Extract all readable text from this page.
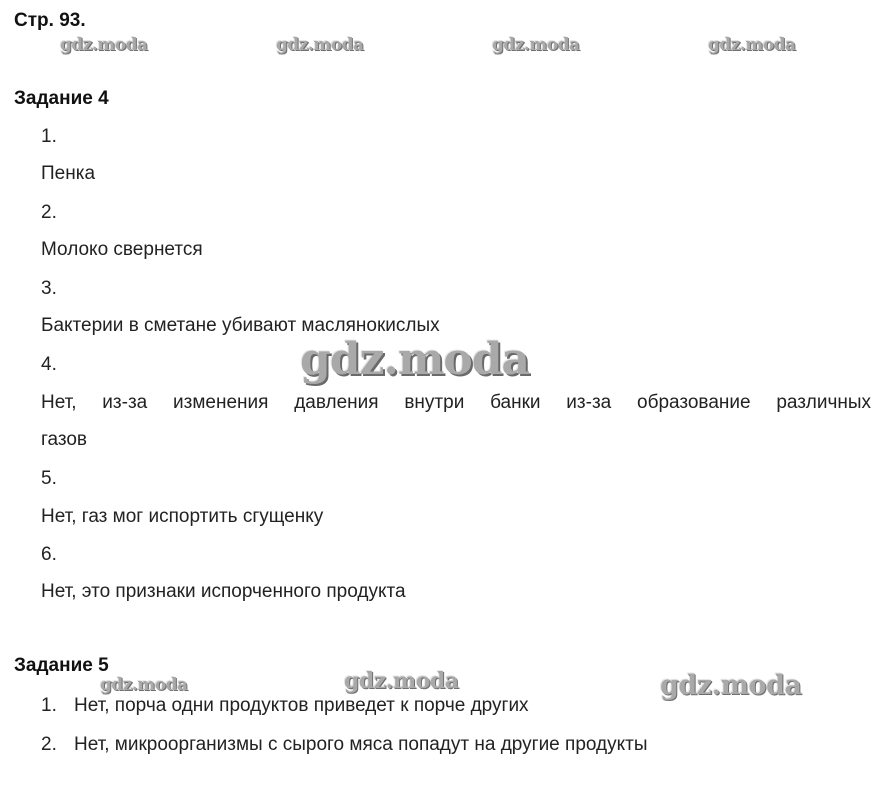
Стр. 93.
gdz.moda	gdz.moda	gdz.moda	gdz.moda
Задание 4
1.
Пенка
2.
Молоко свернется
3.
Бактерии в сметане убивают маслянокислых
4.
Нет, из-за изменения давления внутри банки из-за образование различных
газов
5.
Нет, газ мог испортить сгущенку
6.
Нет, это признаки испорченного продукта
gdz.moda
Задание 5
gdz.moda	gdz.moda	gdz.moda
1. Нет, порча одни продуктов приведет к порче других
2. Нет, микроорганизмы с сырого мяса попадут на другие продукты
